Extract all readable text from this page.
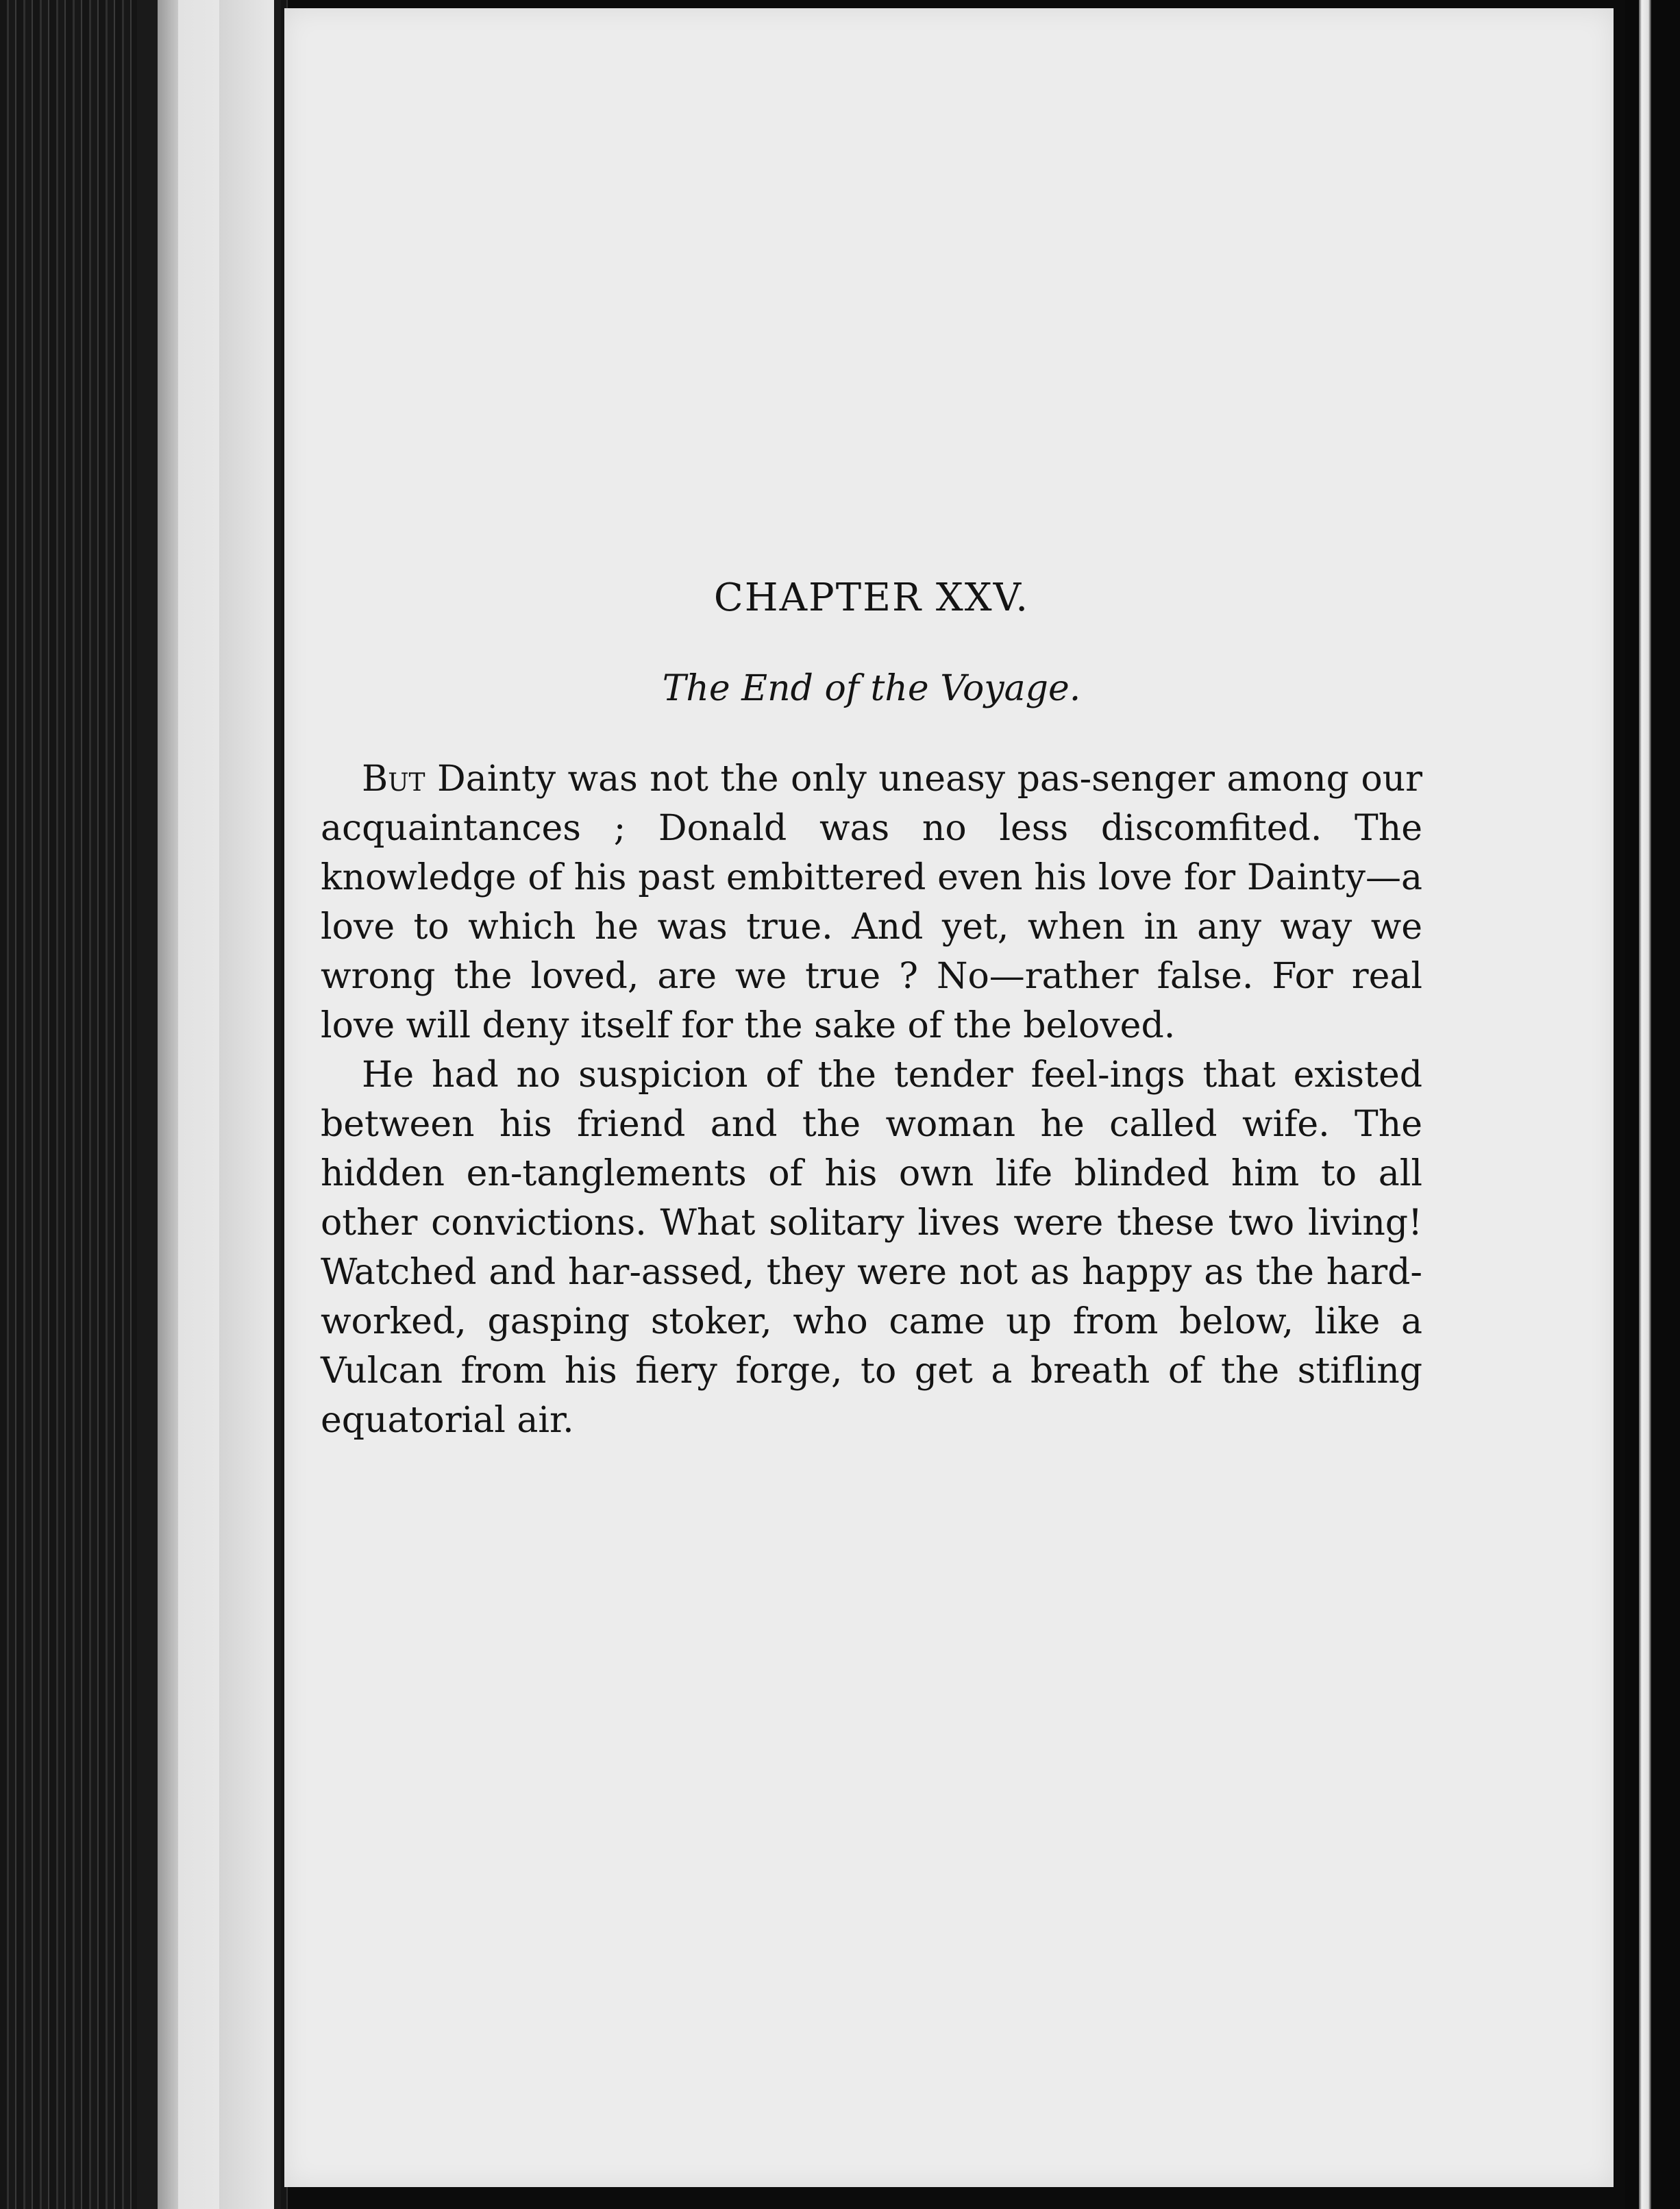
CHAPTER XXV.
The End of the Voyage.

But Dainty was not the only uneasy pas-senger among our acquaintances ; Donald was no less discomfited. The knowledge of his past embittered even his love for Dainty—a love to which he was true. And yet, when in any way we wrong the loved, are we true ? No—rather false. For real love will deny itself for the sake of the beloved.

He had no suspicion of the tender feel-ings that existed between his friend and the woman he called wife. The hidden en-tanglements of his own life blinded him to all other convictions. What solitary lives were these two living! Watched and har-assed, they were not as happy as the hard-worked, gasping stoker, who came up from below, like a Vulcan from his fiery forge, to get a breath of the stifling equatorial air.
